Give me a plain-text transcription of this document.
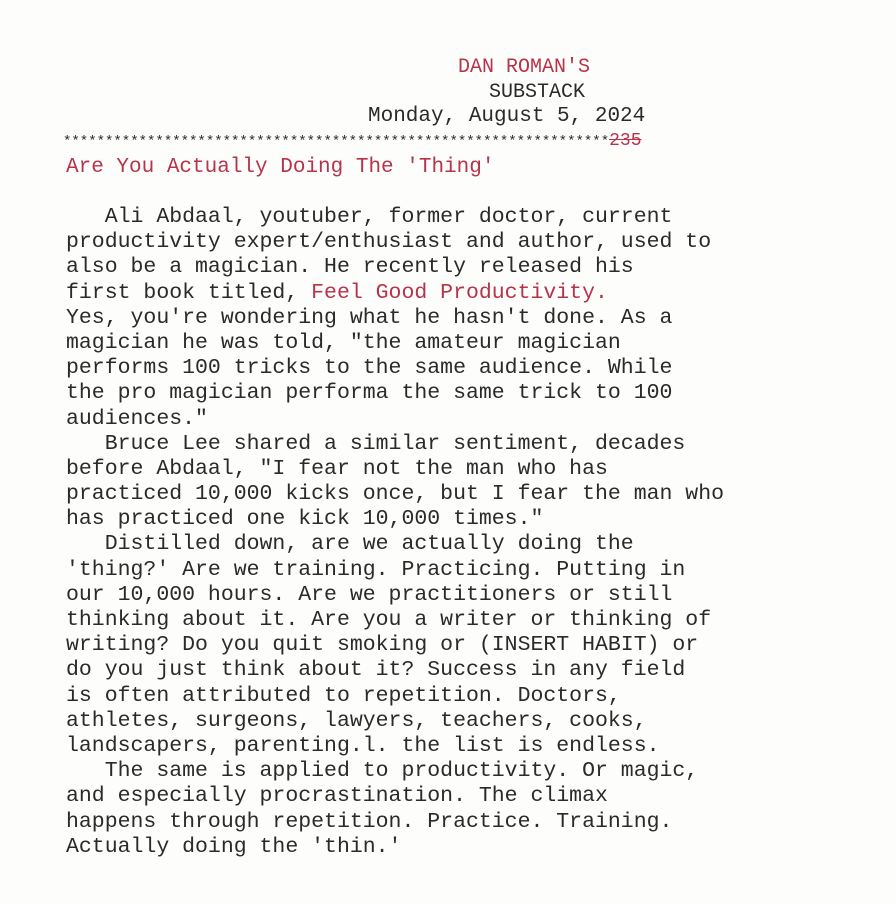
DAN ROMAN'S
SUBSTACK
Monday, August 5, 2024
*****************************************************************235
Are You Actually Doing The 'Thing'
Ali Abdaal, youtuber, former doctor, current
productivity expert/enthusiast and author, used to
also be a magician. He recently released his
first book titled, Feel Good Productivity.
Yes, you're wondering what he hasn't done. As a
magician he was told, "the amateur magician
performs 100 tricks to the same audience. While
the pro magician performa the same trick to 100
audiences."
Bruce Lee shared a similar sentiment, decades
before Abdaal, "I fear not the man who has
practiced 10,000 kicks once, but I fear the man who
has practiced one kick 10,000 times."
Distilled down, are we actually doing the
'thing?' Are we training. Practicing. Putting in
our 10,000 hours. Are we practitioners or still
thinking about it. Are you a writer or thinking of
writing? Do you quit smoking or (INSERT HABIT) or
do you just think about it? Success in any field
is often attributed to repetition. Doctors,
athletes, surgeons, lawyers, teachers, cooks,
landscapers, parenting.l. the list is endless.
The same is applied to productivity. Or magic,
and especially procrastination. The climax
happens through repetition. Practice. Training.
Actually doing the 'thin.'
